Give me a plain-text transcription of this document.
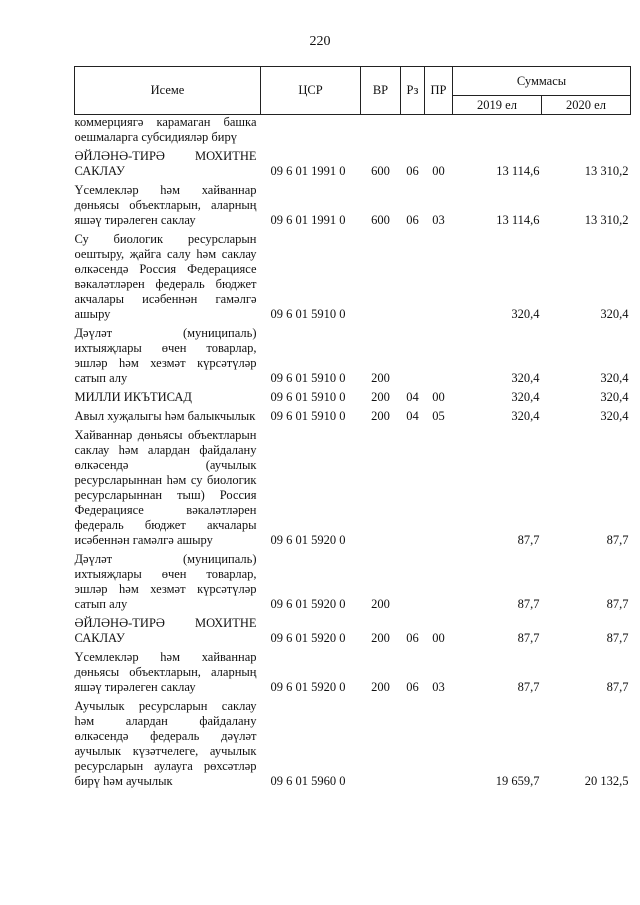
220
Исеме	ЦСР	ВР	Рз	ПР	Суммасы	
					2019 ел	2020 ел
коммерциягә карамаган башка оешмаларга субсидияләр бирү						
ӘЙЛӘНӘ-ТИРӘ МОХИТНЕ САКЛАУ	09 6 01 1991 0	600	06	00	13 114,6	13 310,2
Үсемлекләр һәм хайваннар дөньясы объектларын, аларның яшәү тирәлеген саклау	09 6 01 1991 0	600	06	03	13 114,6	13 310,2
Су биологик ресурсларын оештыру, җайга салу һәм саклау өлкәсендә Россия Федерациясе вәкаләтләрен федераль бюджет акчалары исәбеннән гамәлгә ашыру	09 6 01 5910 0				320,4	320,4
Дәүләт (муниципаль) ихтыяҗлары өчен товарлар, эшләр һәм хезмәт күрсәтүләр сатып алу	09 6 01 5910 0	200			320,4	320,4
МИЛЛИ ИКЪТИСАД	09 6 01 5910 0	200	04	00	320,4	320,4
Авыл хуҗалыгы һәм балыкчылык	09 6 01 5910 0	200	04	05	320,4	320,4
Хайваннар дөньясы объектларын саклау һәм алардан файдалану өлкәсендә (аучылык ресурсларыннан һәм су биологик ресурсларыннан тыш) Россия Федерациясе вәкаләтләрен федераль бюджет акчалары исәбеннән гамәлгә ашыру	09 6 01 5920 0				87,7	87,7
Дәүләт (муниципаль) ихтыяҗлары өчен товарлар, эшләр һәм хезмәт күрсәтүләр сатып алу	09 6 01 5920 0	200			87,7	87,7
ӘЙЛӘНӘ-ТИРӘ МОХИТНЕ САКЛАУ	09 6 01 5920 0	200	06	00	87,7	87,7
Үсемлекләр һәм хайваннар дөньясы объектларын, аларның яшәү тирәлеген саклау	09 6 01 5920 0	200	06	03	87,7	87,7
Аучылык ресурсларын саклау һәм алардан файдалану өлкәсендә федераль дәүләт аучылык күзәтчелеге, аучылык ресурсларын аулауга рөхсәтләр бирү һәм аучылык	09 6 01 5960 0				19 659,7	20 132,5
